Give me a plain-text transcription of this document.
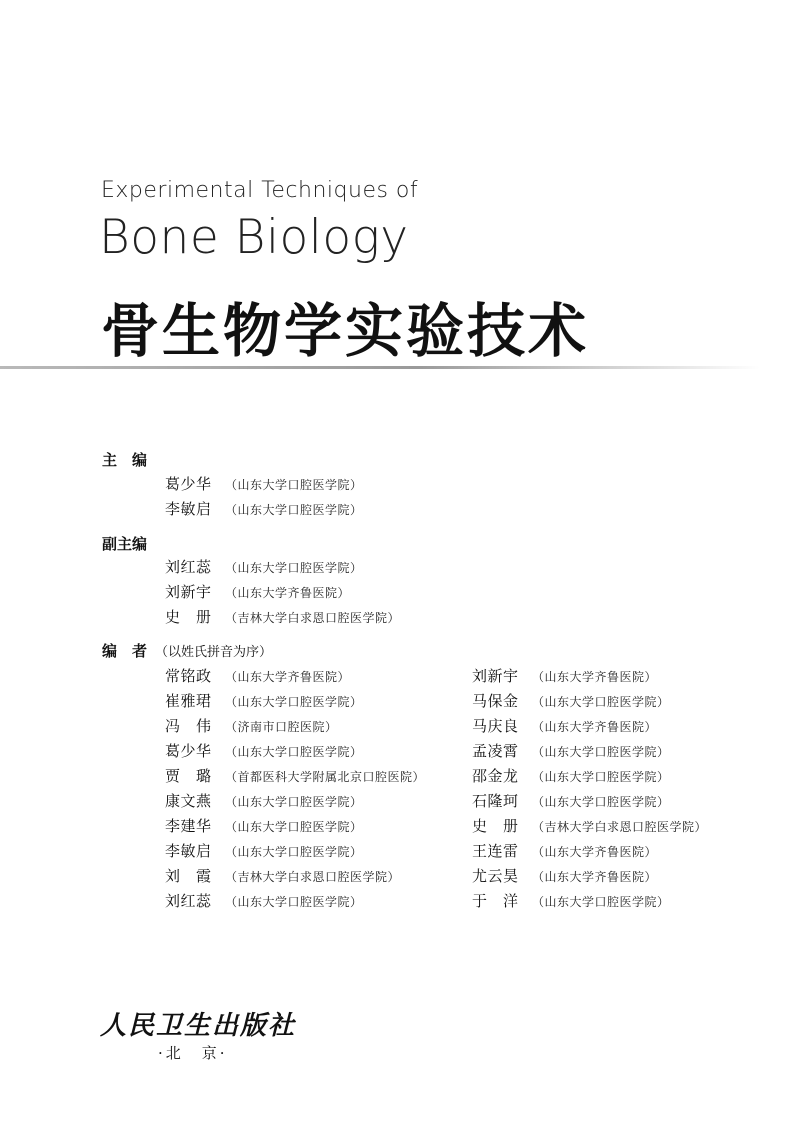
Experimental Techniques of
Bone Biology
骨生物学实验技术
主　编
葛少华	（山东大学口腔医学院）
李敏启	（山东大学口腔医学院）
副主编
刘红蕊	（山东大学口腔医学院）
刘新宇	（山东大学齐鲁医院）
史　册	（吉林大学白求恩口腔医学院）
编　者 （以姓氏拼音为序）
常铭政	（山东大学齐鲁医院）
崔雅珺	（山东大学口腔医学院）
冯　伟	（济南市口腔医院）
葛少华	（山东大学口腔医学院）
贾　璐	（首都医科大学附属北京口腔医院）
康文燕	（山东大学口腔医学院）
李建华	（山东大学口腔医学院）
李敏启	（山东大学口腔医学院）
刘　霞	（吉林大学白求恩口腔医学院）
刘红蕊	（山东大学口腔医学院）
刘新宇	（山东大学齐鲁医院）
马保金	（山东大学口腔医学院）
马庆良	（山东大学齐鲁医院）
孟凌霄	（山东大学口腔医学院）
邵金龙	（山东大学口腔医学院）
石隆珂	（山东大学口腔医学院）
史　册	（吉林大学白求恩口腔医学院）
王连雷	（山东大学齐鲁医院）
尤云昊	（山东大学齐鲁医院）
于　洋	（山东大学口腔医学院）
人民卫生出版社
·北　京·
